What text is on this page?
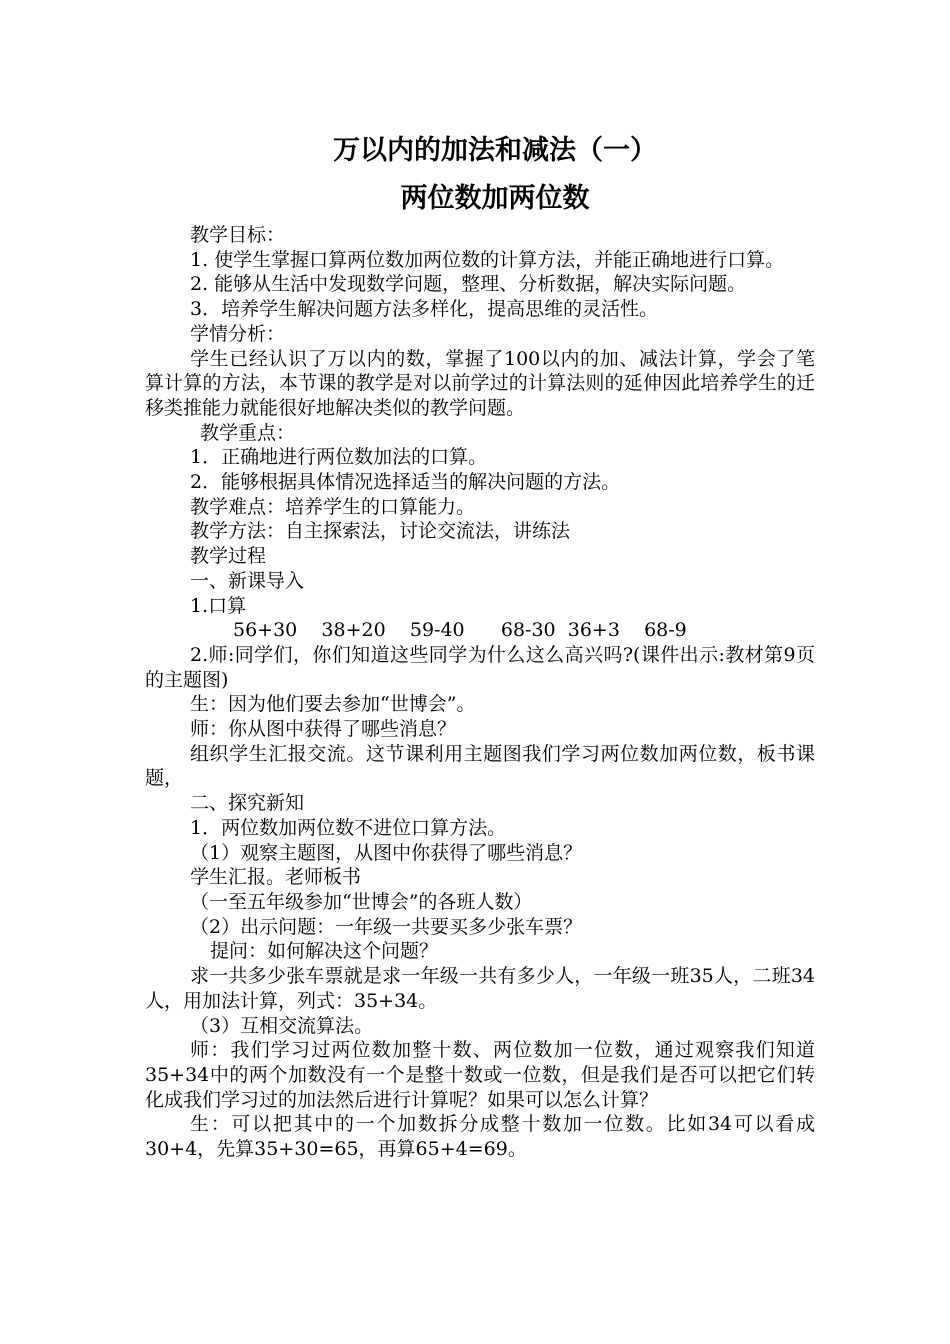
万以内的加法和减法（一）
两位数加两位数

教学目标：

1. 使学生掌握口算两位数加两位数的计算方法，并能正确地进行口算。

2. 能够从生活中发现数学问题，整理、分析数据，解决实际问题。

3．培养学生解决问题方法多样化，提高思维的灵活性。

学情分析：

学生已经认识了万以内的数，掌握了100以内的加、减法计算，学会了笔算计算的方法，本节课的教学是对以前学过的计算法则的延伸因此培养学生的迁移类推能力就能很好地解决类似的教学问题。

教学重点：

1．正确地进行两位数加法的口算。

2．能够根据具体情况选择适当的解决问题的方法。

教学难点：培养学生的口算能力。

教学方法：自主探索法，讨论交流法，讲练法

教学过程

一、新课导入

1.口算

56+30    38+20    59-40      68-30  36+3    68-9

2.师:同学们，你们知道这些同学为什么这么高兴吗?(课件出示:教材第9页的主题图)

生：因为他们要去参加“世博会”。

师：你从图中获得了哪些消息？

组织学生汇报交流。这节课利用主题图我们学习两位数加两位数，板书课题，

二、探究新知

1．两位数加两位数不进位口算方法。

（1）观察主题图，从图中你获得了哪些消息？

学生汇报。老师板书

（一至五年级参加“世博会”的各班人数）

（2）出示问题：一年级一共要买多少张车票？

提问：如何解决这个问题？

求一共多少张车票就是求一年级一共有多少人，一年级一班35人，二班34人，用加法计算，列式：35+34。

（3）互相交流算法。

师：我们学习过两位数加整十数、两位数加一位数，通过观察我们知道35+34中的两个加数没有一个是整十数或一位数，但是我们是否可以把它们转化成我们学习过的加法然后进行计算呢？如果可以怎么计算？

生：可以把其中的一个加数拆分成整十数加一位数。比如34可以看成30+4，先算35+30=65，再算65+4=69。
